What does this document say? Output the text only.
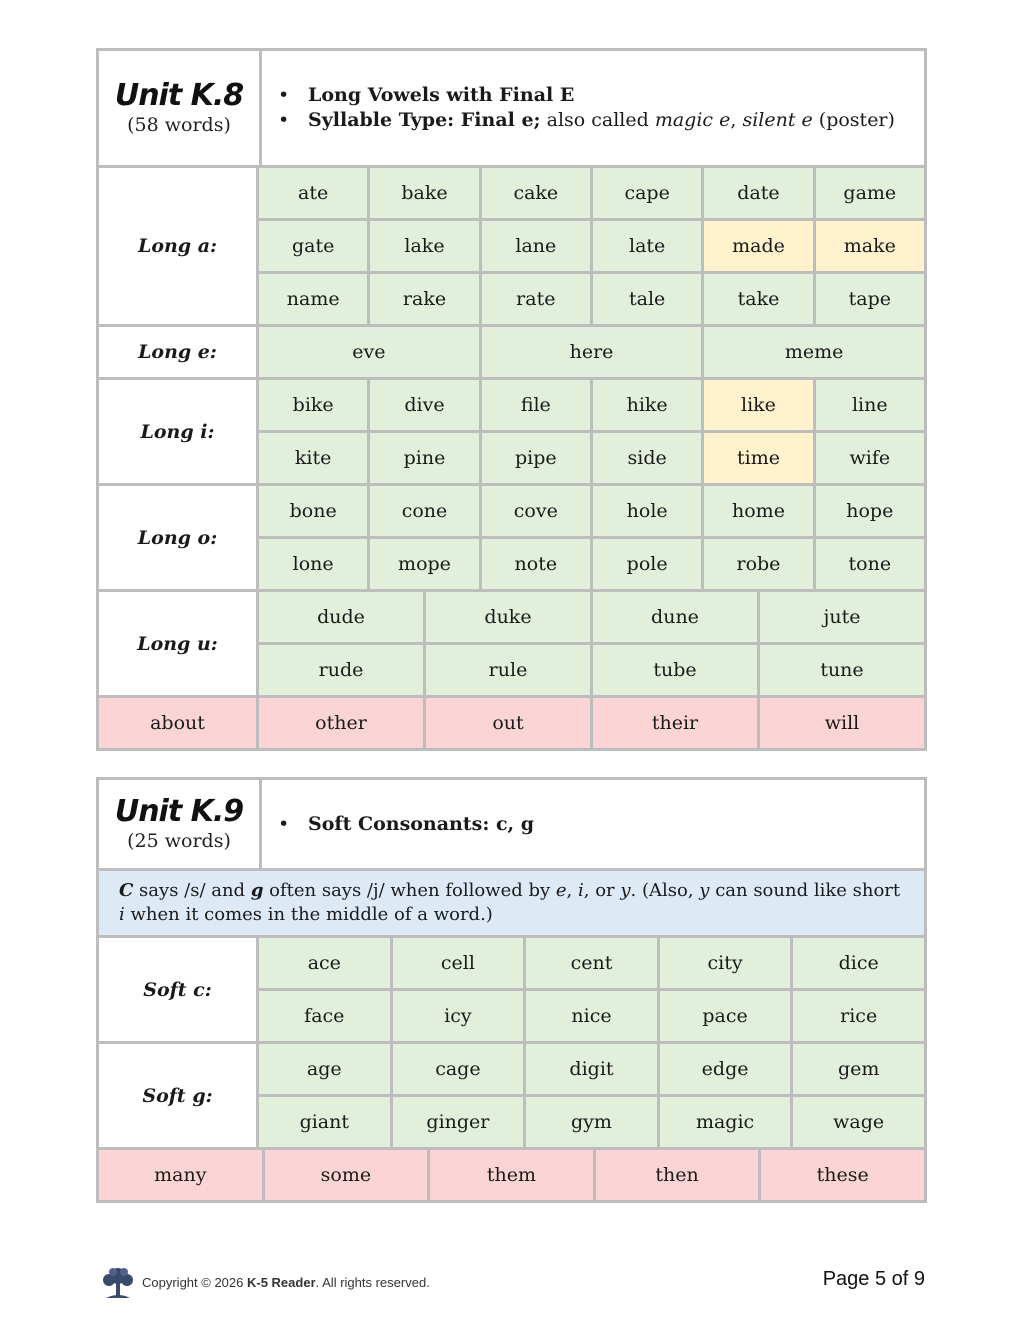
Unit K.8
(58 words)
• Long Vowels with Final E
• Syllable Type: Final e; also called magic e, silent e (poster)
Long a:
ate	bake	cake	cape	date	game
gate	lake	lane	late	made	make
name	rake	rate	tale	take	tape
Long e:	eve	here	meme
Long i:
bike	dive	file	hike	like	line
kite	pine	pipe	side	time	wife
Long o:
bone	cone	cove	hole	home	hope
lone	mope	note	pole	robe	tone
Long u:
dude	duke	dune	jute
rude	rule	tube	tune
about	other	out	their	will
Unit K.9
(25 words)
• Soft Consonants: c, g
C says /s/ and g often says /j/ when followed by e, i, or y. (Also, y can sound like short i when it comes in the middle of a word.)
Soft c:
ace	cell	cent	city	dice
face	icy	nice	pace	rice
Soft g:
age	cage	digit	edge	gem
giant	ginger	gym	magic	wage
many	some	them	then	these
Copyright © 2026 K-5 Reader. All rights reserved.	Page 5 of 9
